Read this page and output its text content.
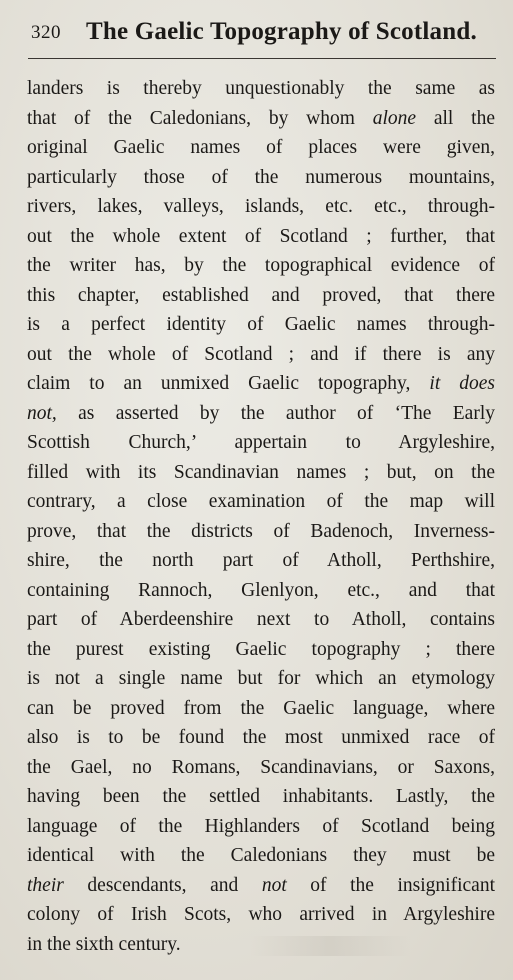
320 The Gaelic Topography of Scotland.
landers is thereby unquestionably the same as
that of the Caledonians, by whom alone all the
original Gaelic names of places were given,
particularly those of the numerous mountains,
rivers, lakes, valleys, islands, etc. etc., through-
out the whole extent of Scotland ; further, that
the writer has, by the topographical evidence of
this chapter, established and proved, that there
is a perfect identity of Gaelic names through-
out the whole of Scotland ; and if there is any
claim to an unmixed Gaelic topography, it does
not, as asserted by the author of ‘The Early
Scottish Church,’ appertain to Argyleshire,
filled with its Scandinavian names ; but, on the
contrary, a close examination of the map will
prove, that the districts of Badenoch, Inverness-
shire, the north part of Atholl, Perthshire,
containing Rannoch, Glenlyon, etc., and that
part of Aberdeenshire next to Atholl, contains
the purest existing Gaelic topography ; there
is not a single name but for which an etymology
can be proved from the Gaelic language, where
also is to be found the most unmixed race of
the Gael, no Romans, Scandinavians, or Saxons,
having been the settled inhabitants. Lastly, the
language of the Highlanders of Scotland being
identical with the Caledonians they must be
their descendants, and not of the insignificant
colony of Irish Scots, who arrived in Argyleshire
in the sixth century.
